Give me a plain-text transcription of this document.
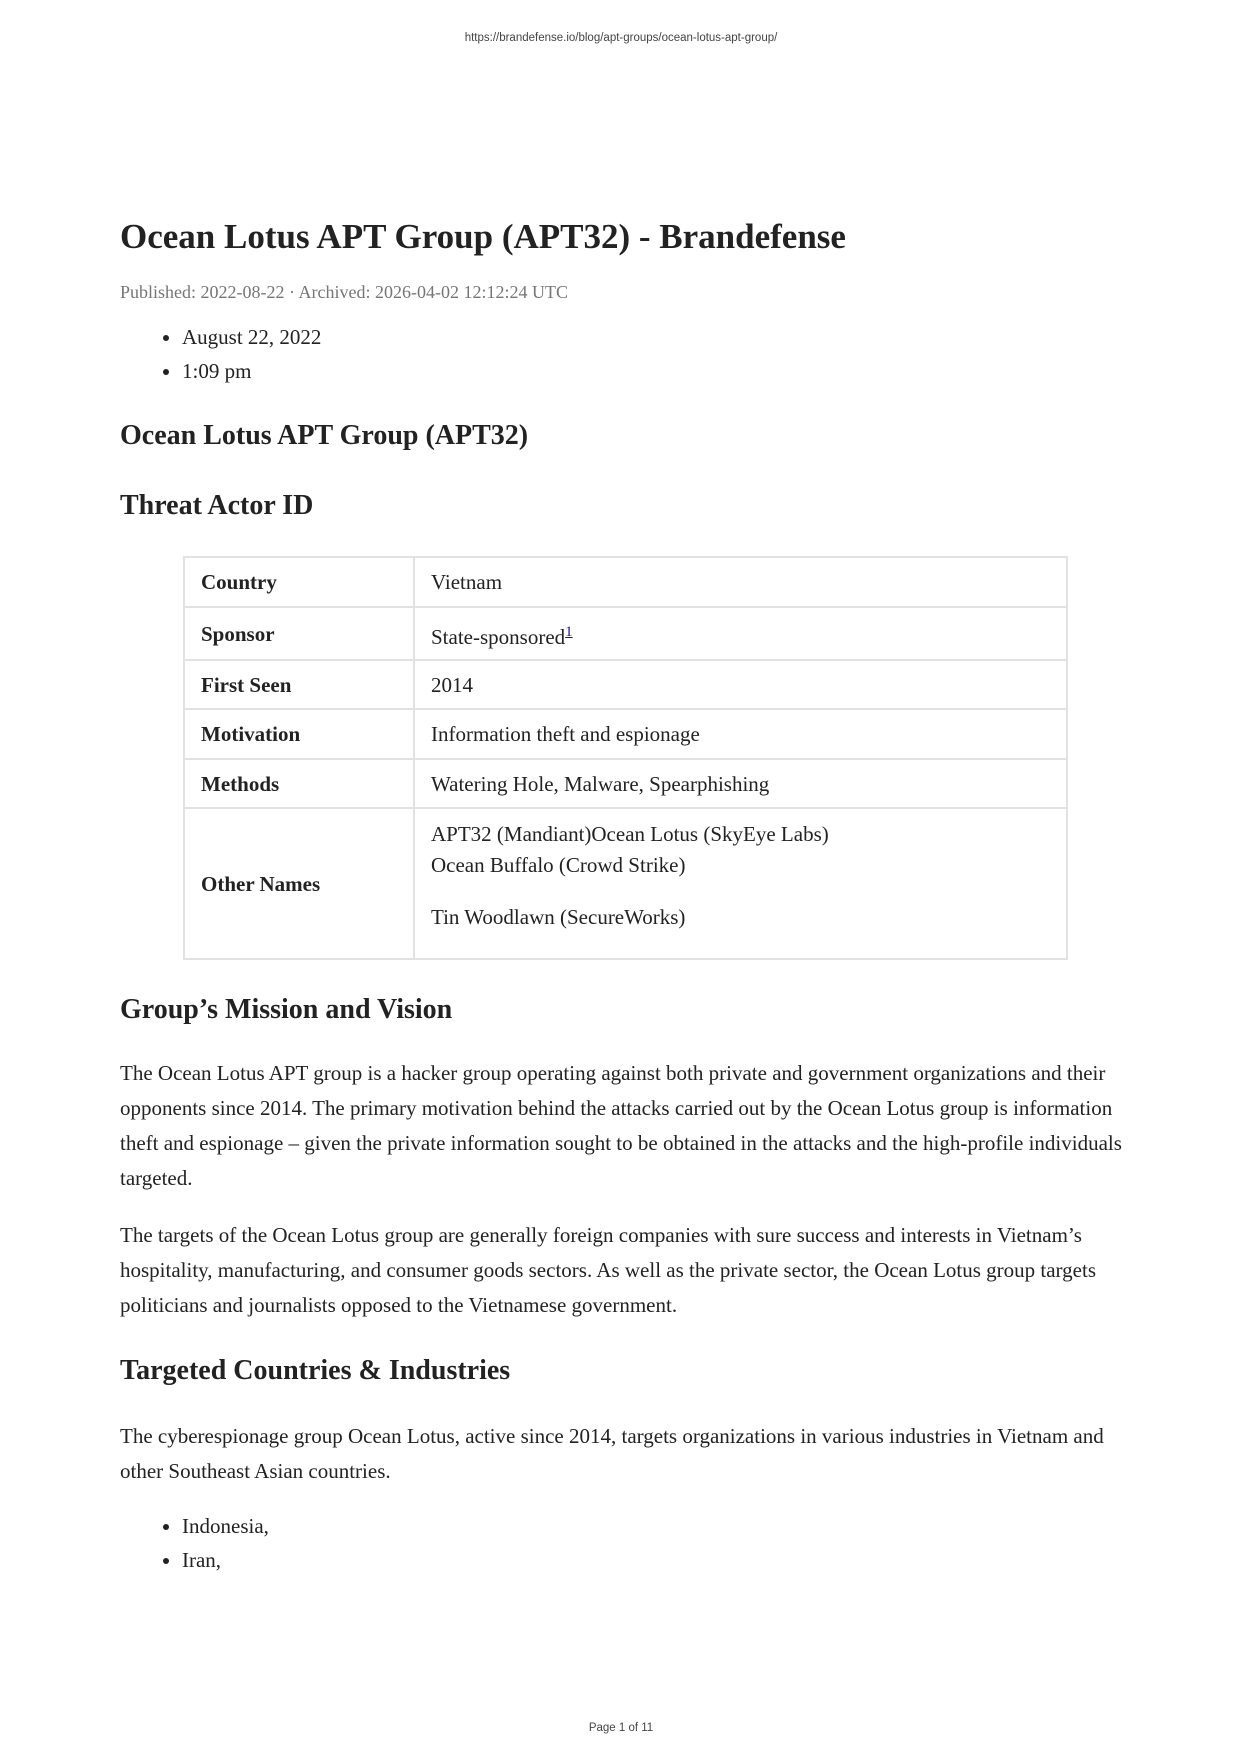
https://brandefense.io/blog/apt-groups/ocean-lotus-apt-group/
Ocean Lotus APT Group (APT32) - Brandefense
Published: 2022-08-22 · Archived: 2026-04-02 12:12:24 UTC
• August 22, 2022
• 1:09 pm
Ocean Lotus APT Group (APT32)
Threat Actor ID
Country	Vietnam
Sponsor	State-sponsored$^1$
First Seen	2014
Motivation	Information theft and espionage
Methods	Watering Hole, Malware, Spearphishing
Other Names	APT32 (Mandiant)Ocean Lotus (SkyEye Labs)
Ocean Buffalo (Crowd Strike)
Tin Woodlawn (SecureWorks)
Group’s Mission and Vision

The Ocean Lotus APT group is a hacker group operating against both private and government organizations and their opponents since 2014. The primary motivation behind the attacks carried out by the Ocean Lotus group is information theft and espionage – given the private information sought to be obtained in the attacks and the high-profile individuals targeted.

The targets of the Ocean Lotus group are generally foreign companies with sure success and interests in Vietnam’s hospitality, manufacturing, and consumer goods sectors. As well as the private sector, the Ocean Lotus group targets politicians and journalists opposed to the Vietnamese government.

Targeted Countries & Industries

The cyberespionage group Ocean Lotus, active since 2014, targets organizations in various industries in Vietnam and other Southeast Asian countries.

• Indonesia,
• Iran,
Page 1 of 11
